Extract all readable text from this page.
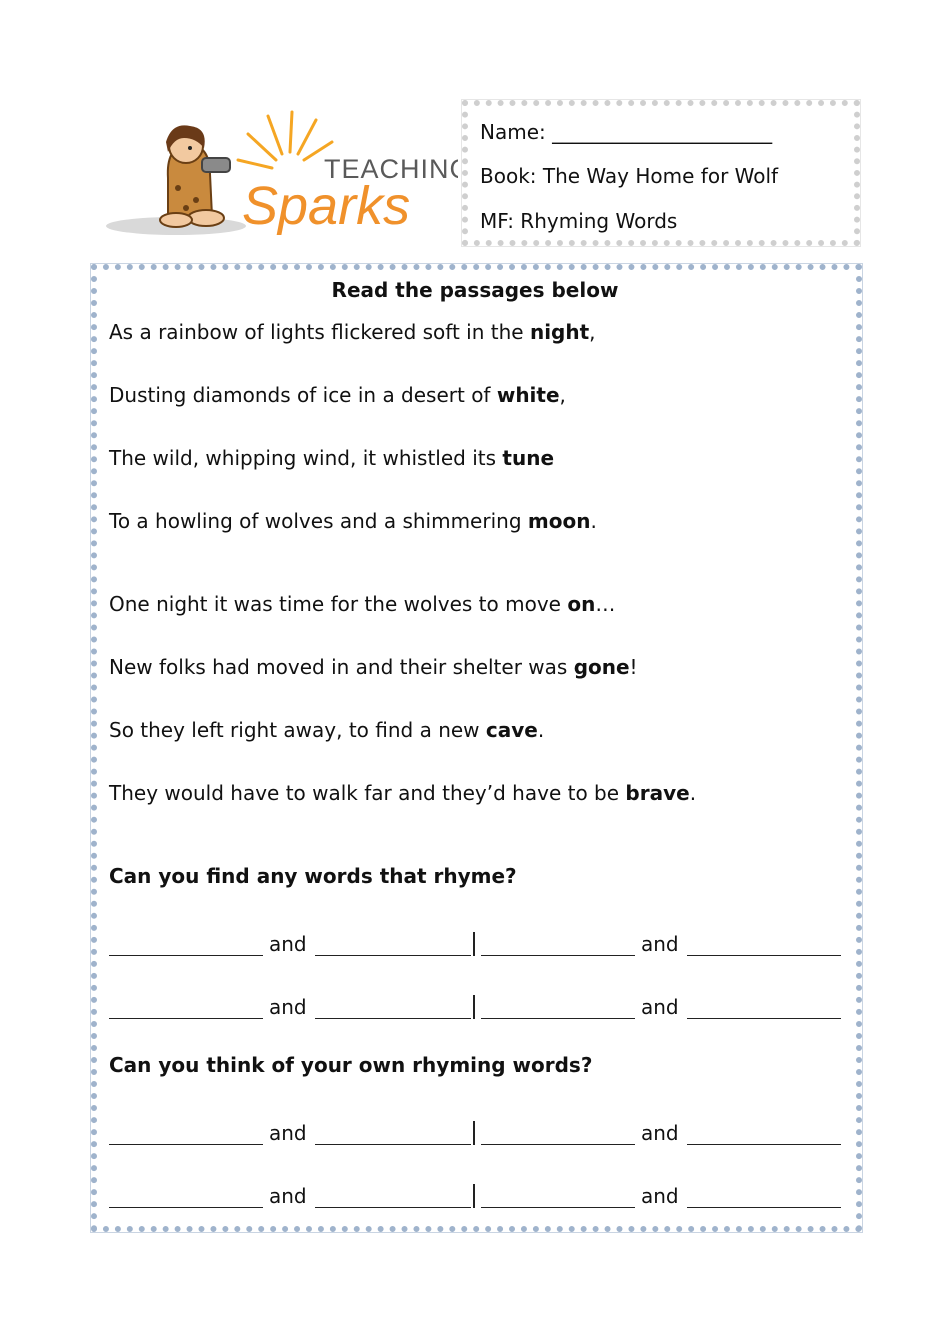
TEACHING
Sparks
Name: ______________________
Book: The Way Home for Wolf
MF: Rhyming Words
Read the passages below
As a rainbow of lights flickered soft in the night,
Dusting diamonds of ice in a desert of white,
The wild, whipping wind, it whistled its tune
To a howling of wolves and a shimmering moon.
One night it was time for the wolves to move on…
New folks had moved in and their shelter was gone!
So they left right away, to find a new cave.
They would have to walk far and they’d have to be brave.
Can you find any words that rhyme?
and	and
and	and
Can you think of your own rhyming words?
and	and
and	and
